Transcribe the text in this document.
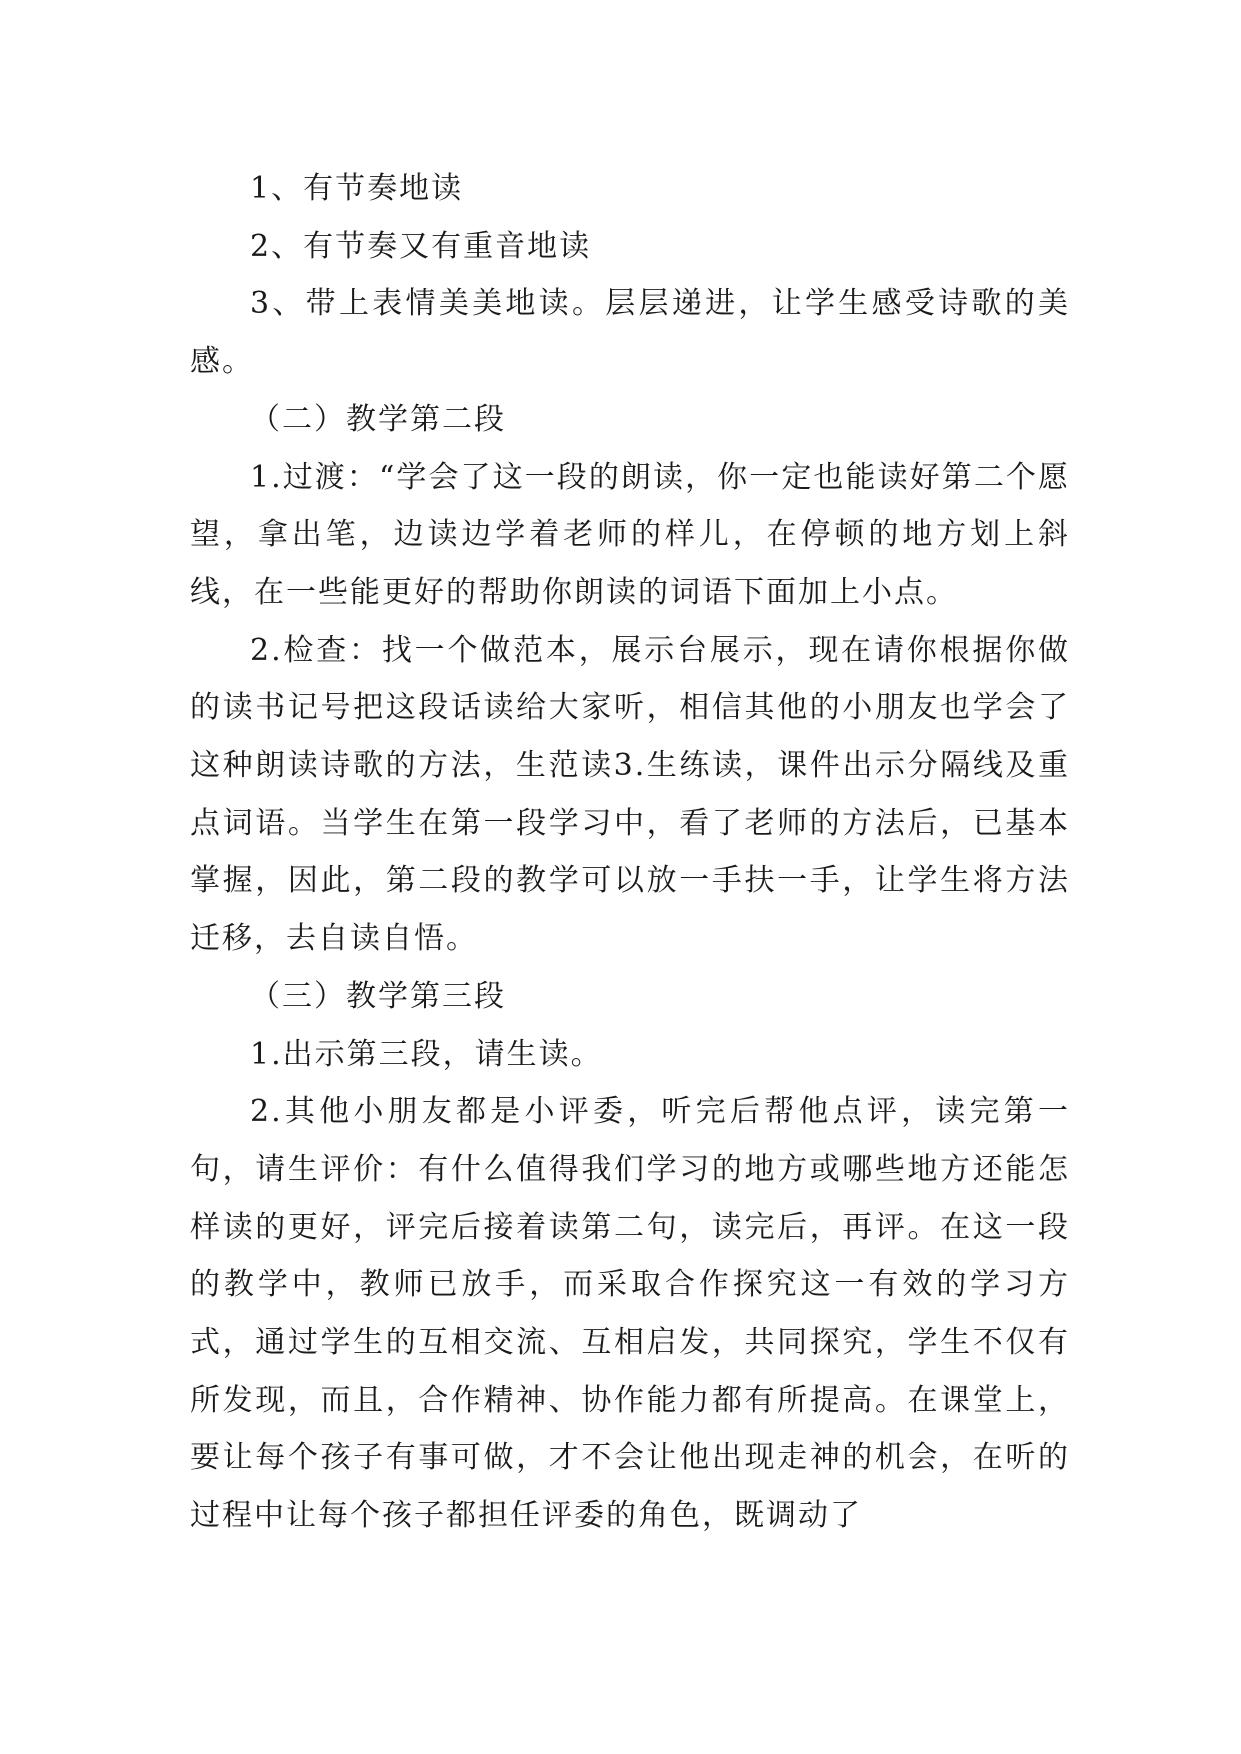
1、有节奏地读

2、有节奏又有重音地读

3、带上表情美美地读。层层递进，让学生感受诗歌的美感。

（二）教学第二段

1.过渡：“学会了这一段的朗读，你一定也能读好第二个愿望，拿出笔，边读边学着老师的样儿，在停顿的地方划上斜线，在一些能更好的帮助你朗读的词语下面加上小点。

2.检查：找一个做范本，展示台展示，现在请你根据你做的读书记号把这段话读给大家听，相信其他的小朋友也学会了这种朗读诗歌的方法，生范读3.生练读，课件出示分隔线及重点词语。当学生在第一段学习中，看了老师的方法后，已基本掌握，因此，第二段的教学可以放一手扶一手，让学生将方法迁移，去自读自悟。

（三）教学第三段

1.出示第三段，请生读。

2.其他小朋友都是小评委，听完后帮他点评，读完第一句，请生评价：有什么值得我们学习的地方或哪些地方还能怎样读的更好，评完后接着读第二句，读完后，再评。在这一段的教学中，教师已放手，而采取合作探究这一有效的学习方式，通过学生的互相交流、互相启发，共同探究，学生不仅有所发现，而且，合作精神、协作能力都有所提高。在课堂上，要让每个孩子有事可做，才不会让他出现走神的机会，在听的过程中让每个孩子都担任评委的角色，既调动了
